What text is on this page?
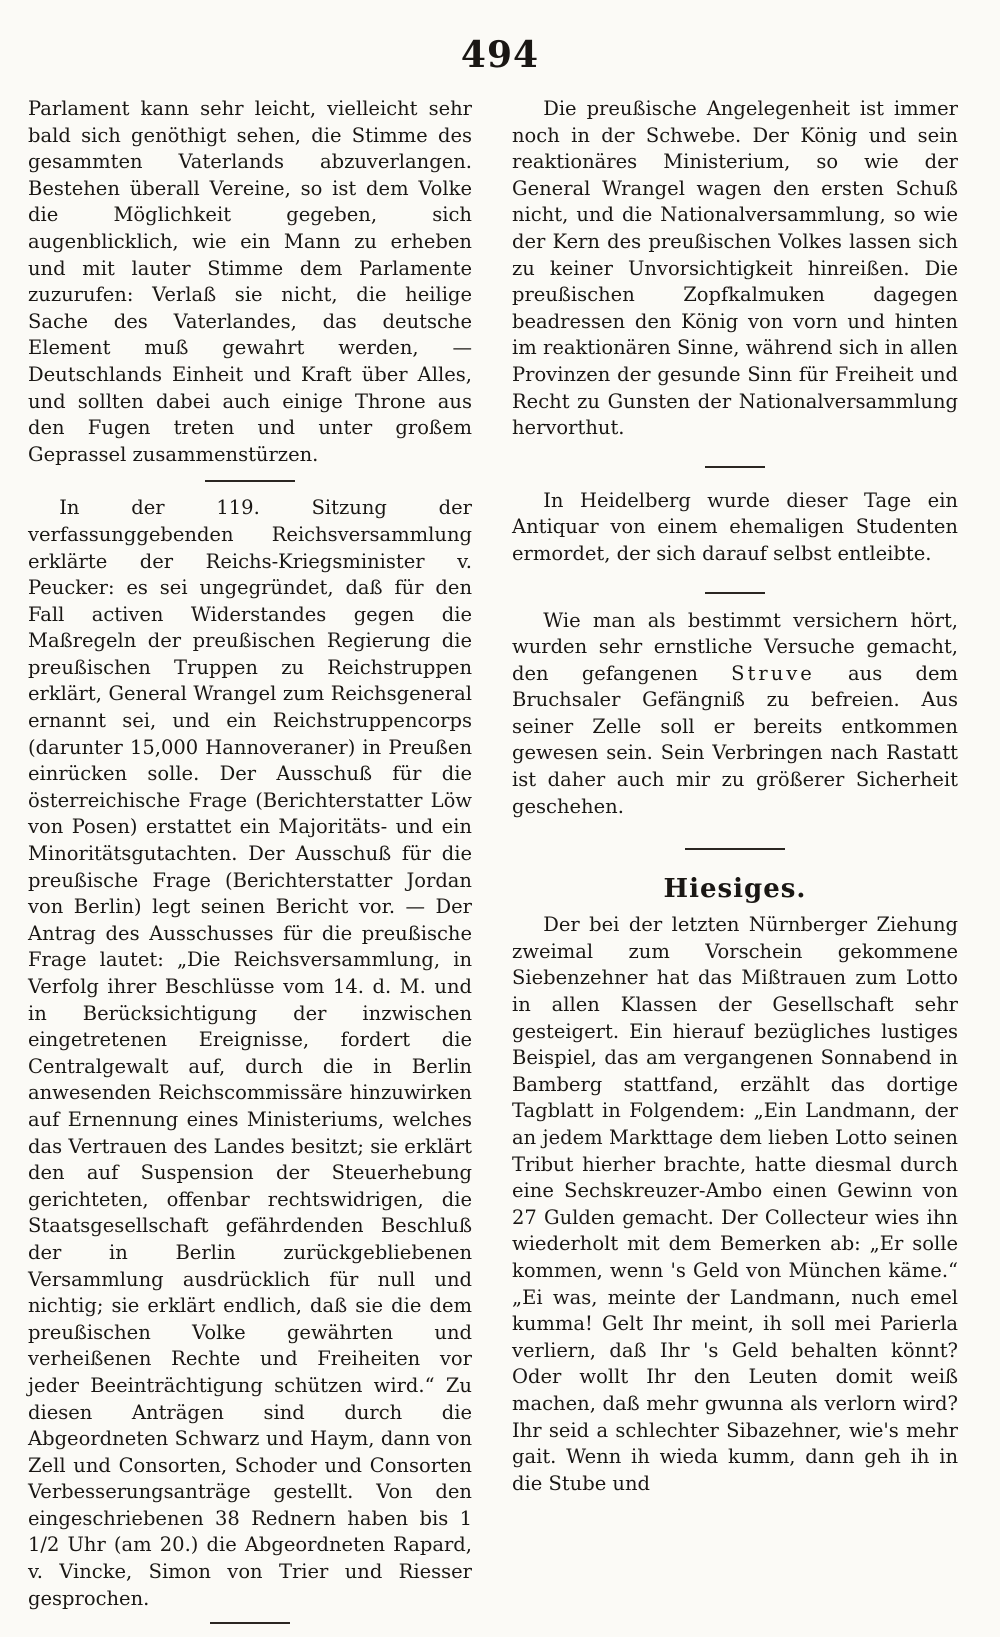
494

Parlament kann sehr leicht, vielleicht sehr bald sich genöthigt sehen, die Stimme des gesammten Vaterlands abzuverlangen. Bestehen überall Vereine, so ist dem Volke die Möglichkeit gegeben, sich augenblicklich, wie ein Mann zu erheben und mit lauter Stimme dem Parlamente zuzurufen: Verlaß sie nicht, die heilige Sache des Vaterlandes, das deutsche Element muß gewahrt werden, — Deutschlands Einheit und Kraft über Alles, und sollten dabei auch einige Throne aus den Fugen treten und unter großem Geprassel zusammenstürzen.

In der 119. Sitzung der verfassunggebenden Reichsversammlung erklärte der Reichs-Kriegsminister v. Peucker: es sei ungegründet, daß für den Fall activen Widerstandes gegen die Maßregeln der preußischen Regierung die preußischen Truppen zu Reichstruppen erklärt, General Wrangel zum Reichsgeneral ernannt sei, und ein Reichstruppencorps (darunter 15,000 Hannoveraner) in Preußen einrücken solle. Der Ausschuß für die österreichische Frage (Berichterstatter Löw von Posen) erstattet ein Majoritäts- und ein Minoritätsgutachten. Der Ausschuß für die preußische Frage (Berichterstatter Jordan von Berlin) legt seinen Bericht vor. — Der Antrag des Ausschusses für die preußische Frage lautet: „Die Reichsversammlung, in Verfolg ihrer Beschlüsse vom 14. d. M. und in Berücksichtigung der inzwischen eingetretenen Ereignisse, fordert die Centralgewalt auf, durch die in Berlin anwesenden Reichscommissäre hinzuwirken auf Ernennung eines Ministeriums, welches das Vertrauen des Landes besitzt; sie erklärt den auf Suspension der Steuerhebung gerichteten, offenbar rechtswidrigen, die Staatsgesellschaft gefährdenden Beschluß der in Berlin zurückgebliebenen Versammlung ausdrücklich für null und nichtig; sie erklärt endlich, daß sie die dem preußischen Volke gewährten und verheißenen Rechte und Freiheiten vor jeder Beeinträchtigung schützen wird.“ Zu diesen Anträgen sind durch die Abgeordneten Schwarz und Haym, dann von Zell und Consorten, Schoder und Consorten Verbesserungsanträge gestellt. Von den eingeschriebenen 38 Rednern haben bis 1 1/2 Uhr (am 20.) die Abgeordneten Rapard, v. Vincke, Simon von Trier und Riesser gesprochen.

Die preußische Angelegenheit ist immer noch in der Schwebe. Der König und sein reaktionäres Ministerium, so wie der General Wrangel wagen den ersten Schuß nicht, und die Nationalversammlung, so wie der Kern des preußischen Volkes lassen sich zu keiner Unvorsichtigkeit hinreißen. Die preußischen Zopfkalmuken dagegen beadressen den König von vorn und hinten im reaktionären Sinne, während sich in allen Provinzen der gesunde Sinn für Freiheit und Recht zu Gunsten der Nationalversammlung hervorthut.

In Heidelberg wurde dieser Tage ein Antiquar von einem ehemaligen Studenten ermordet, der sich darauf selbst entleibte.

Wie man als bestimmt versichern hört, wurden sehr ernstliche Versuche gemacht, den gefangenen Struve aus dem Bruchsaler Gefängniß zu befreien. Aus seiner Zelle soll er bereits entkommen gewesen sein. Sein Verbringen nach Rastatt ist daher auch mir zu größerer Sicherheit geschehen.

Hiesiges.

Der bei der letzten Nürnberger Ziehung zweimal zum Vorschein gekommene Siebenzehner hat das Mißtrauen zum Lotto in allen Klassen der Gesellschaft sehr gesteigert. Ein hierauf bezügliches lustiges Beispiel, das am vergangenen Sonnabend in Bamberg stattfand, erzählt das dortige Tagblatt in Folgendem: „Ein Landmann, der an jedem Markttage dem lieben Lotto seinen Tribut hierher brachte, hatte diesmal durch eine Sechskreuzer-Ambo einen Gewinn von 27 Gulden gemacht. Der Collecteur wies ihn wiederholt mit dem Bemerken ab: „Er solle kommen, wenn 's Geld von München käme.“ „Ei was, meinte der Landmann, nuch emel kumma! Gelt Ihr meint, ih soll mei Parierla verliern, daß Ihr 's Geld behalten könnt? Oder wollt Ihr den Leuten domit weiß machen, daß mehr gwunna als verlorn wird? Ihr seid a schlechter Sibazehner, wie's mehr gait. Wenn ih wieda kumm, dann geh ih in die Stube und
